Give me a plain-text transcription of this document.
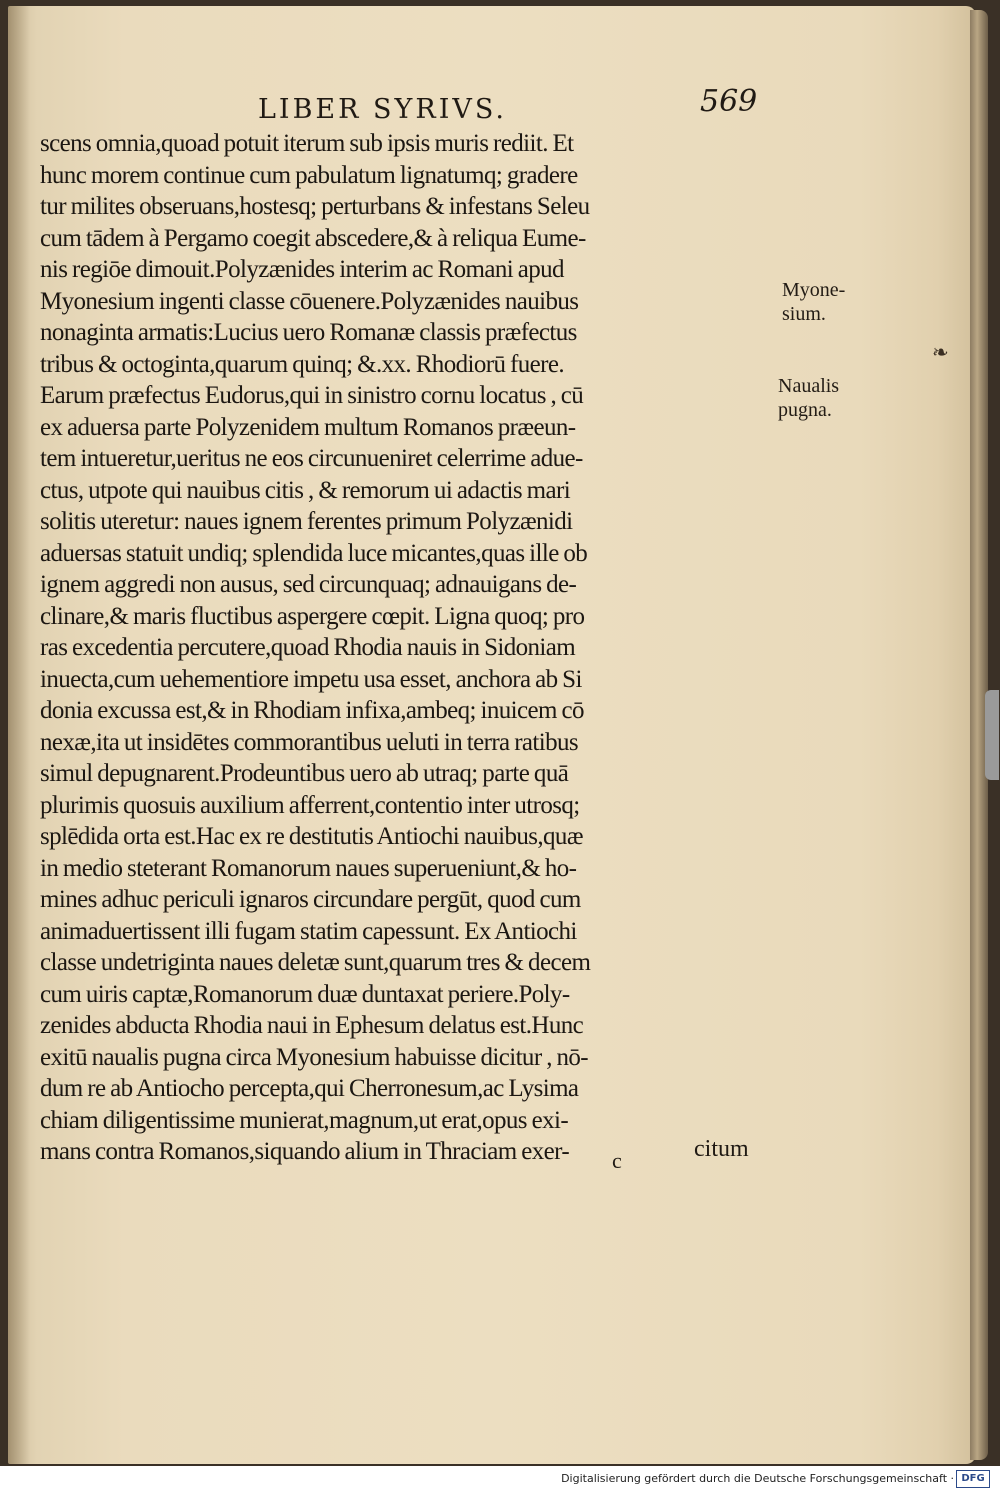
LIBER SYRIVS.	569
scens omnia,quoad potuit iterum sub ipsis muris rediit. Et
hunc morem continue cum pabulatum lignatumq; gradere
tur milites obseruans,hostesq; perturbans & infestans Seleu
cum tādem à Pergamo coegit abscedere,& à reliqua Eume-
nis regiōe dimouit.Polyzænides interim ac Romani apud
Myonesium ingenti classe cōuenere.Polyzænides nauibus
nonaginta armatis:Lucius uero Romanæ classis præfectus
tribus & octoginta,quarum quinq; &.xx. Rhodiorū fuere.
Earum præfectus Eudorus,qui in sinistro cornu locatus , cū
ex aduersa parte Polyzenidem multum Romanos præeun-
tem intueretur,ueritus ne eos circunueniret celerrime adue-
ctus, utpote qui nauibus citis , & remorum ui adactis mari
solitis uteretur: naues ignem ferentes primum Polyzænidi
aduersas statuit undiq; splendida luce micantes,quas ille ob
ignem aggredi non ausus, sed circunquaq; adnauigans de-
clinare,& maris fluctibus aspergere cœpit. Ligna quoq; pro
ras excedentia percutere,quoad Rhodia nauis in Sidoniam
inuecta,cum uehementiore impetu usa esset, anchora ab Si
donia excussa est,& in Rhodiam infixa,ambeq; inuicem cō
nexæ,ita ut insidētes commorantibus ueluti in terra ratibus
simul depugnarent.Prodeuntibus uero ab utraq; parte quā
plurimis quosuis auxilium afferrent,contentio inter utrosq;
splēdida orta est.Hac ex re destitutis Antiochi nauibus,quæ
in medio steterant Romanorum naues superueniunt,& ho-
mines adhuc periculi ignaros circundare pergūt, quod cum
animaduertissent illi fugam statim capessunt. Ex Antiochi
classe undetriginta naues deletæ sunt,quarum tres & decem
cum uiris captæ,Romanorum duæ duntaxat periere.Poly-
zenides abducta Rhodia naui in Ephesum delatus est.Hunc
exitū naualis pugna circa Myonesium habuisse dicitur , nō-
dum re ab Antiocho percepta,qui Cherronesum,ac Lysima
chiam diligentissime munierat,magnum,ut erat,opus exi-
mans contra Romanos,siquando alium in Thraciam exer-
Myone-
sium.
Naualis
pugna.
❧
c	citum
Digitalisierung gefördert durch die Deutsche Forschungsgemeinschaft · DFG
